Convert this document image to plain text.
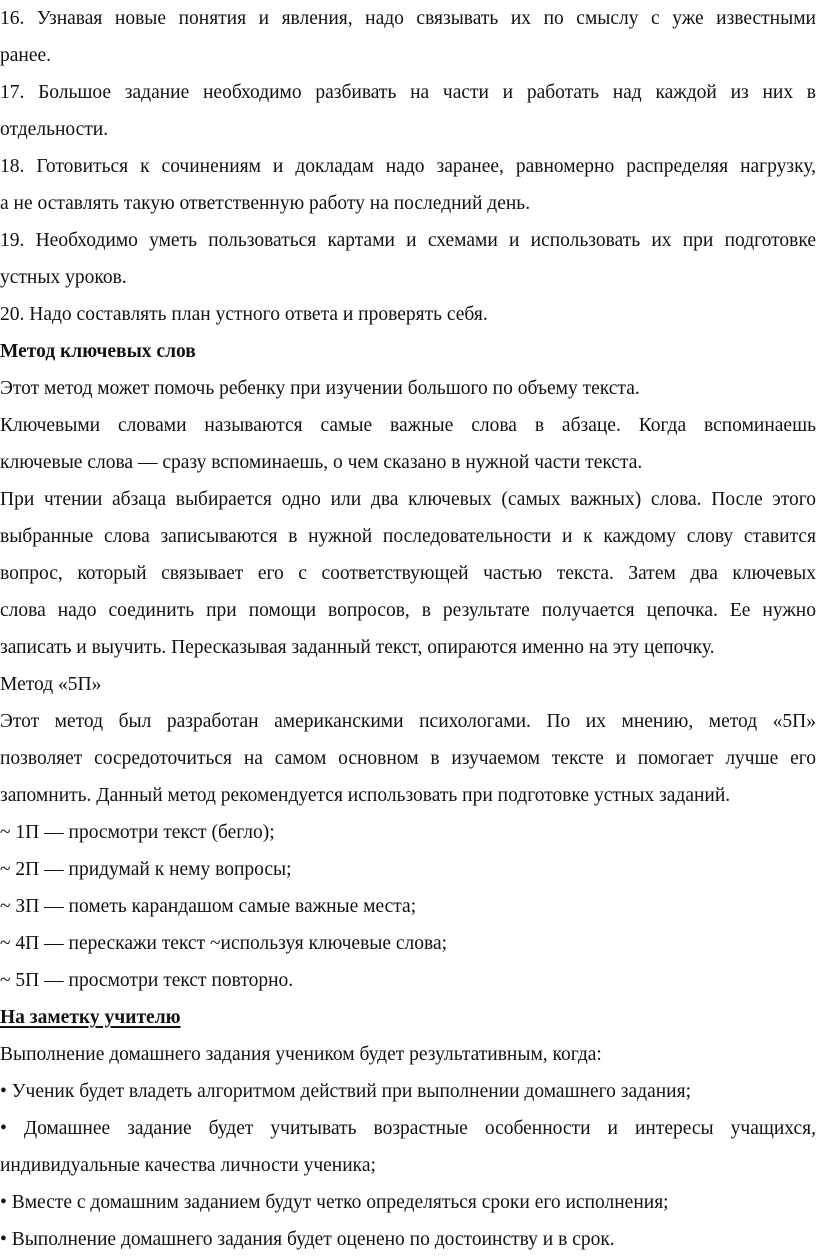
16. Узнавая новые понятия и явления, надо связывать их по смыслу с уже известными
ранее.
17. Большое задание необходимо разбивать на части и работать над каждой из них в
отдельности.
18. Готовиться к сочинениям и докладам надо заранее, равномерно распределяя нагрузку,
а не оставлять такую ответственную работу на последний день.
19. Необходимо уметь пользоваться картами и схемами и использовать их при подготовке
устных уроков.
20. Надо составлять план устного ответа и проверять себя.
Метод ключевых слов
Этот метод может помочь ребенку при изучении большого по объему текста.
Ключевыми словами называются самые важные слова в абзаце. Когда вспоминаешь
ключевые слова — сразу вспоминаешь, о чем сказано в нужной части текста.
При чтении абзаца выбирается одно или два ключевых (самых важных) слова. После этого
выбранные слова записываются в нужной последовательности и к каждому слову ставится
вопрос, который связывает его с соответствующей частью текста. Затем два ключевых
слова надо соединить при помощи вопросов, в результате получается цепочка. Ее нужно
записать и выучить. Пересказывая заданный текст, опираются именно на эту цепочку.
Метод «5П»
Этот метод был разработан американскими психологами. По их мнению, метод «5П»
позволяет сосредоточиться на самом основном в изучаемом тексте и помогает лучше его
запомнить. Данный метод рекомендуется использовать при подготовке устных заданий.
~ 1П — просмотри текст (бегло);
~ 2П — придумай к нему вопросы;
~ ЗП — пометь карандашом самые важные места;
~ 4П — перескажи текст ~используя ключевые слова;
~ 5П — просмотри текст повторно.
На заметку учителю
Выполнение домашнего задания учеником будет результативным, когда:
• Ученик будет владеть алгоритмом действий при выполнении домашнего задания;
• Домашнее задание будет учитывать возрастные особенности и интересы учащихся,
индивидуальные качества личности ученика;
• Вместе с домашним заданием будут четко определяться сроки его исполнения;
• Выполнение домашнего задания будет оценено по достоинству и в срок.
